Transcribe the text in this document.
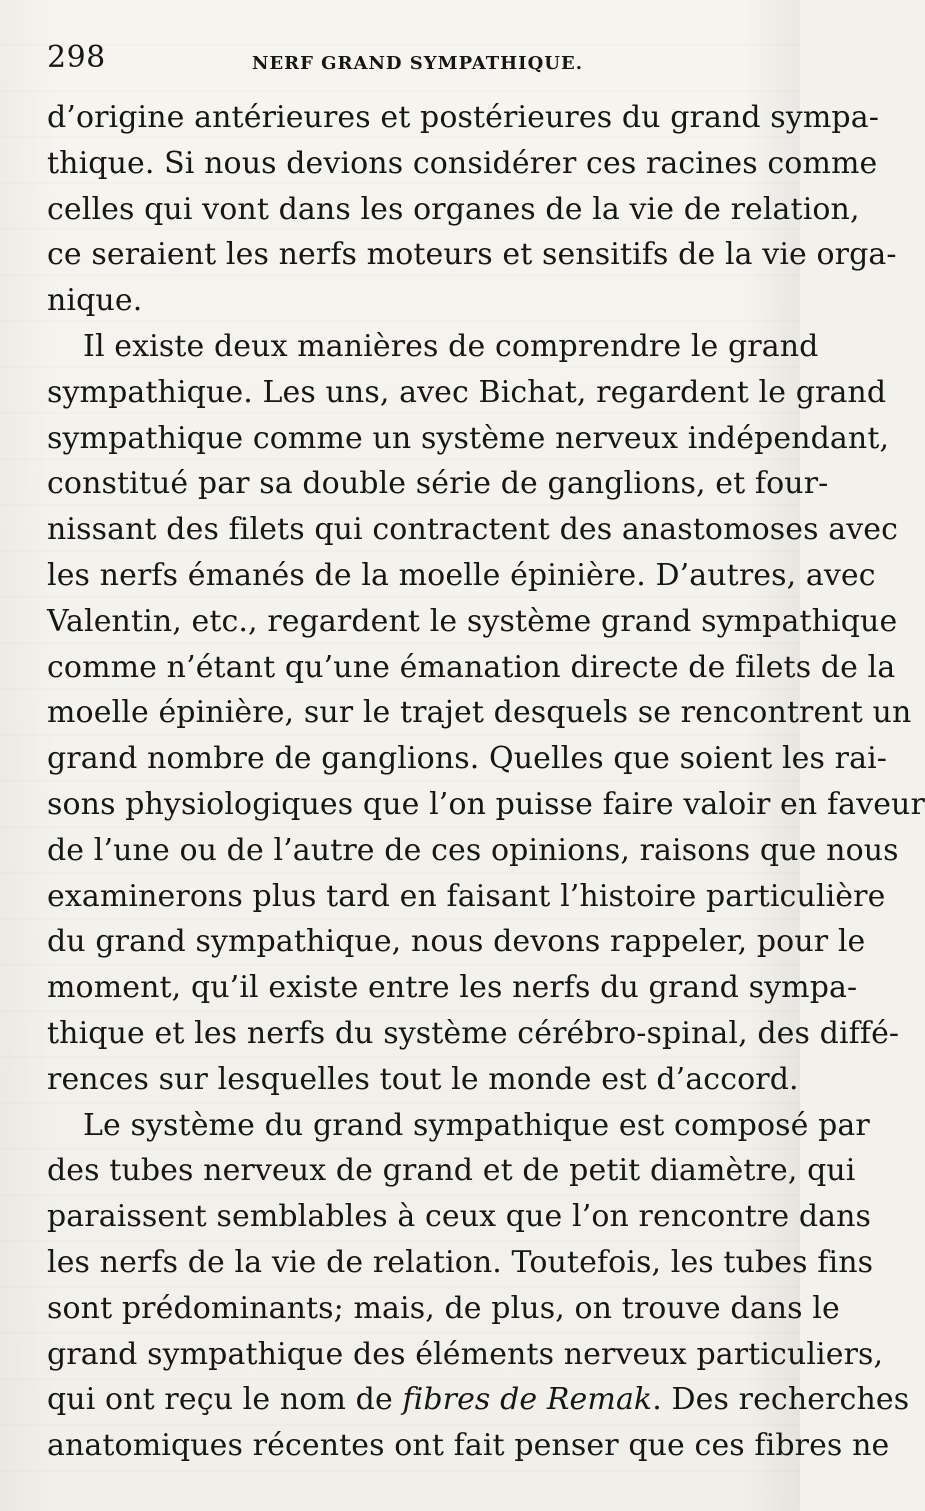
298	NERF GRAND SYMPATHIQUE.
d’origine antérieures et postérieures du grand sympa-
thique. Si nous devions considérer ces racines comme
celles qui vont dans les organes de la vie de relation,
ce seraient les nerfs moteurs et sensitifs de la vie orga-
nique.
Il existe deux manières de comprendre le grand
sympathique. Les uns, avec Bichat, regardent le grand
sympathique comme un système nerveux indépendant,
constitué par sa double série de ganglions, et four-
nissant des filets qui contractent des anastomoses avec
les nerfs émanés de la moelle épinière. D’autres, avec
Valentin, etc., regardent le système grand sympathique
comme n’étant qu’une émanation directe de filets de la
moelle épinière, sur le trajet desquels se rencontrent un
grand nombre de ganglions. Quelles que soient les rai-
sons physiologiques que l’on puisse faire valoir en faveur
de l’une ou de l’autre de ces opinions, raisons que nous
examinerons plus tard en faisant l’histoire particulière
du grand sympathique, nous devons rappeler, pour le
moment, qu’il existe entre les nerfs du grand sympa-
thique et les nerfs du système cérébro-spinal, des diffé-
rences sur lesquelles tout le monde est d’accord.
Le système du grand sympathique est composé par
des tubes nerveux de grand et de petit diamètre, qui
paraissent semblables à ceux que l’on rencontre dans
les nerfs de la vie de relation. Toutefois, les tubes fins
sont prédominants; mais, de plus, on trouve dans le
grand sympathique des éléments nerveux particuliers,
qui ont reçu le nom de fibres de Remak. Des recherches
anatomiques récentes ont fait penser que ces fibres ne
